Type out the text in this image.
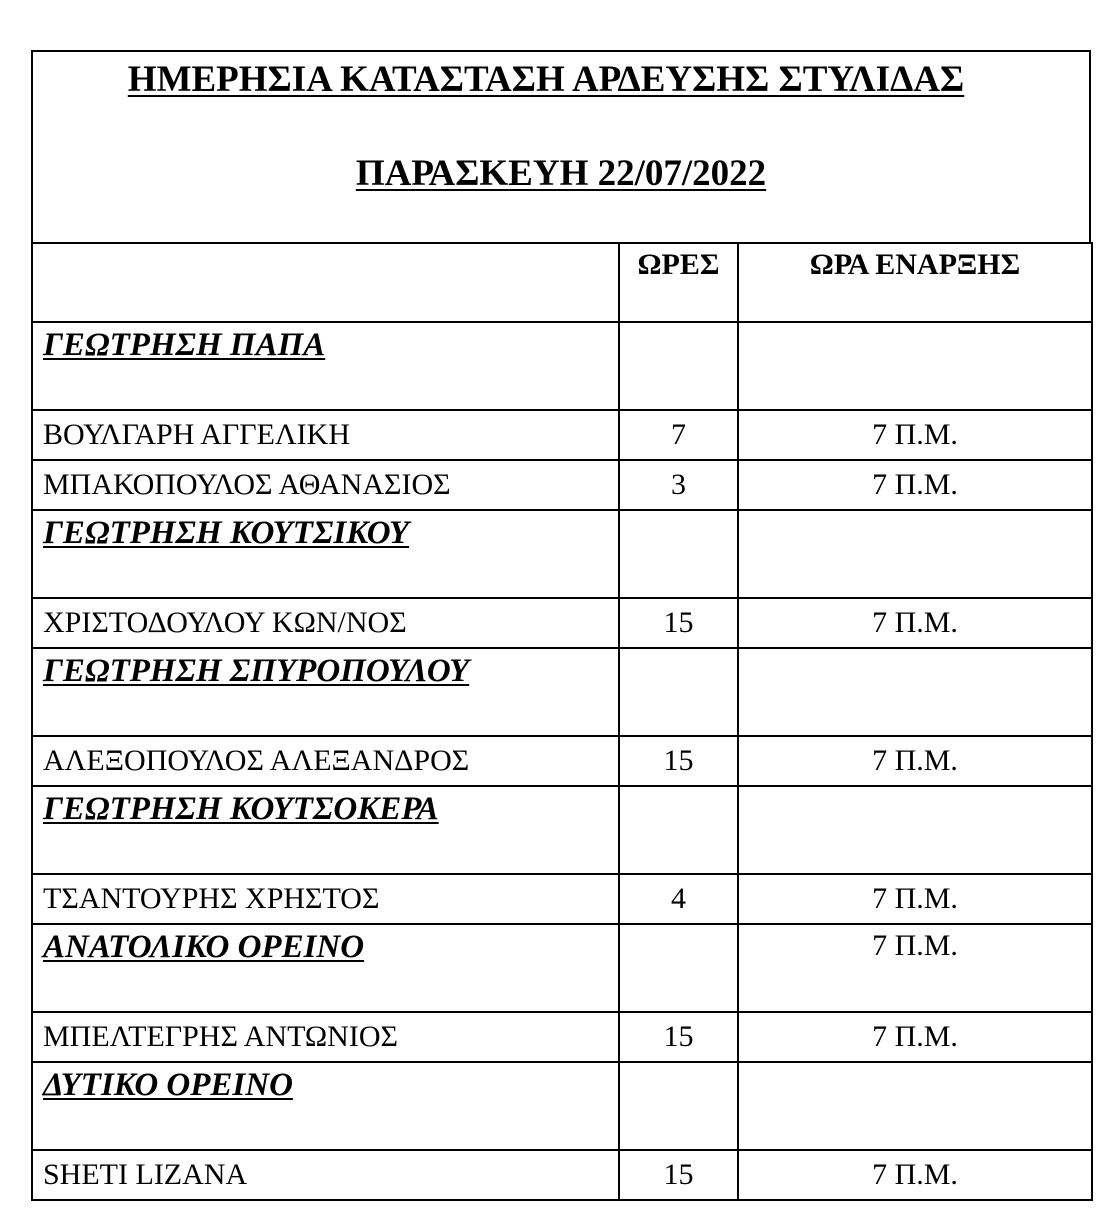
ΗΜΕΡΗΣΙΑ ΚΑΤΑΣΤΑΣΗ ΑΡΔΕΥΣΗΣ ΣΤΥΛΙΔΑΣ
ΠΑΡΑΣΚΕΥΗ 22/07/2022
	ΩΡΕΣ	ΩΡΑ ΕΝΑΡΞΗΣ

ΓΕΩΤΡΗΣΗ ΠΑΠΑ		

ΒΟΥΛΓΑΡΗ ΑΓΓΕΛΙΚΗ	7	7 Π.Μ.
ΜΠΑΚΟΠΟΥΛΟΣ ΑΘΑΝΑΣΙΟΣ	3	7 Π.Μ.

ΓΕΩΤΡΗΣΗ ΚΟΥΤΣΙΚΟΥ		

ΧΡΙΣΤΟΔΟΥΛΟΥ ΚΩΝ/ΝΟΣ	15	7 Π.Μ.

ΓΕΩΤΡΗΣΗ ΣΠΥΡΟΠΟΥΛΟΥ		

ΑΛΕΞΟΠΟΥΛΟΣ ΑΛΕΞΑΝΔΡΟΣ	15	7 Π.Μ.

ΓΕΩΤΡΗΣΗ ΚΟΥΤΣΟΚΕΡΑ		

ΤΣΑΝΤΟΥΡΗΣ ΧΡΗΣΤΟΣ	4	7 Π.Μ.

ΑΝΑΤΟΛΙΚΟ ΟΡΕΙΝΟ		7 Π.Μ.

ΜΠΕΛΤΕΓΡΗΣ ΑΝΤΩΝΙΟΣ	15	7 Π.Μ.

ΔΥΤΙΚΟ ΟΡΕΙΝΟ		

SHETI LIZANA	15	7 Π.Μ.
